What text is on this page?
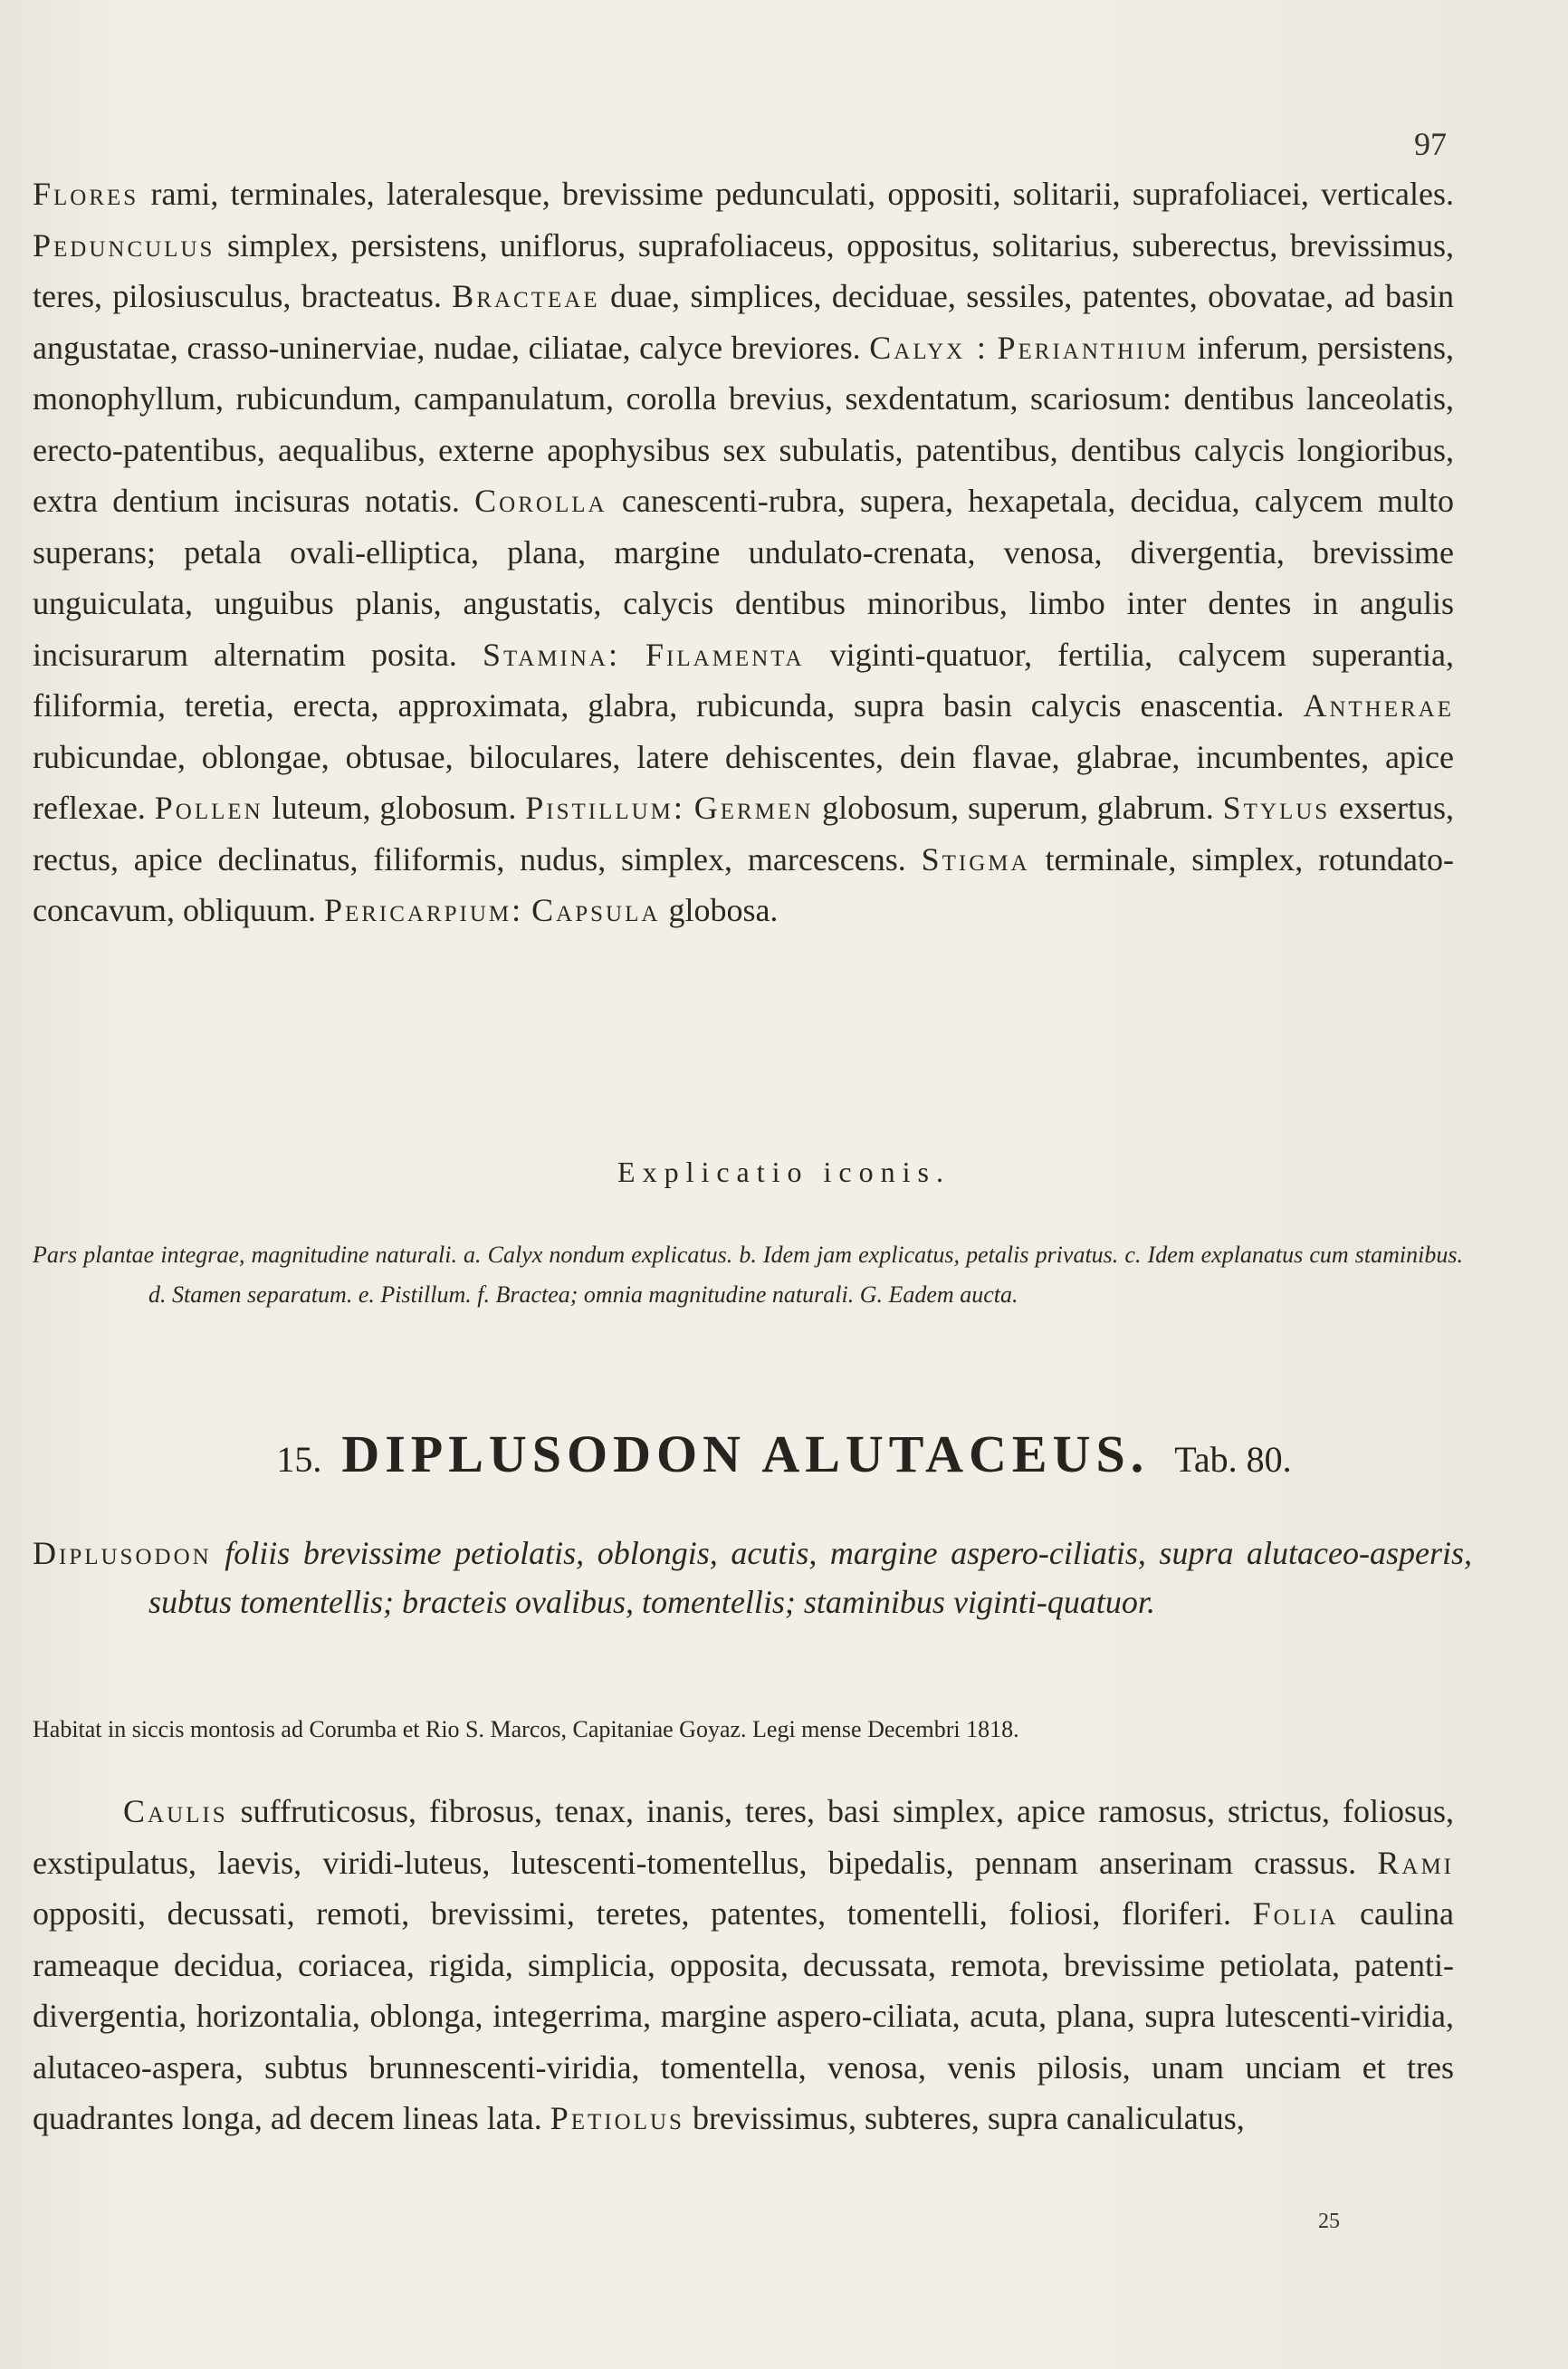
97
Flores rami, terminales, lateralesque, brevissime pedunculati, oppositi, solitarii, suprafoliacei, verticales. Pedunculus simplex, persistens, uniflorus, suprafoliaceus, oppositus, solitarius, suberectus, brevissimus, teres, pilosiusculus, bracteatus. Bracteae duae, simplices, deciduae, sessiles, patentes, obovatae, ad basin angustatae, crasso-uninerviae, nudae, ciliatae, calyce breviores. Calyx : Perianthium inferum, persistens, monophyllum, rubicundum, campanulatum, corolla brevius, sexdentatum, scariosum: dentibus lanceolatis, erecto-patentibus, aequalibus, externe apophysibus sex subulatis, patentibus, dentibus calycis longioribus, extra dentium incisuras notatis. Corolla canescenti-rubra, supera, hexapetala, decidua, calycem multo superans; petala ovali-elliptica, plana, margine undulato-crenata, venosa, divergentia, brevissime unguiculata, unguibus planis, angustatis, calycis dentibus minoribus, limbo inter dentes in angulis incisurarum alternatim posita. Stamina: Filamenta viginti-quatuor, fertilia, calycem superantia, filiformia, teretia, erecta, approximata, glabra, rubicunda, supra basin calycis enascentia. Antherae rubicundae, oblongae, obtusae, biloculares, latere dehiscentes, dein flavae, glabrae, incumbentes, apice reflexae. Pollen luteum, globosum. Pistillum: Germen globosum, superum, glabrum. Stylus exsertus, rectus, apice declinatus, filiformis, nudus, simplex, marcescens. Stigma terminale, simplex, rotundato-concavum, obliquum. Pericarpium: Capsula globosa.
Explicatio iconis.
Pars plantae integrae, magnitudine naturali. a. Calyx nondum explicatus. b. Idem jam explicatus, petalis privatus. c. Idem explanatus cum staminibus. d. Stamen separatum. e. Pistillum. f. Bractea; omnia magnitudine naturali. G. Eadem aucta.
15. DIPLUSODON ALUTACEUS. Tab. 80.
Diplusodon foliis brevissime petiolatis, oblongis, acutis, margine aspero-ciliatis, supra alutaceo-asperis, subtus tomentellis; bracteis ovalibus, tomentellis; staminibus viginti-quatuor.
Habitat in siccis montosis ad Corumba et Rio S. Marcos, Capitaniae Goyaz. Legi mense Decembri 1818.
Caulis suffruticosus, fibrosus, tenax, inanis, teres, basi simplex, apice ramosus, strictus, foliosus, exstipulatus, laevis, viridi-luteus, lutescenti-tomentellus, bipedalis, pennam anserinam crassus. Rami oppositi, decussati, remoti, brevissimi, teretes, patentes, tomentelli, foliosi, floriferi. Folia caulina rameaque decidua, coriacea, rigida, simplicia, opposita, decussata, remota, brevissime petiolata, patenti-divergentia, horizontalia, oblonga, integerrima, margine aspero-ciliata, acuta, plana, supra lutescenti-viridia, alutaceo-aspera, subtus brunnescenti-viridia, tomentella, venosa, venis pilosis, unam unciam et tres quadrantes longa, ad decem lineas lata. Petiolus brevissimus, subteres, supra canaliculatus,
25
